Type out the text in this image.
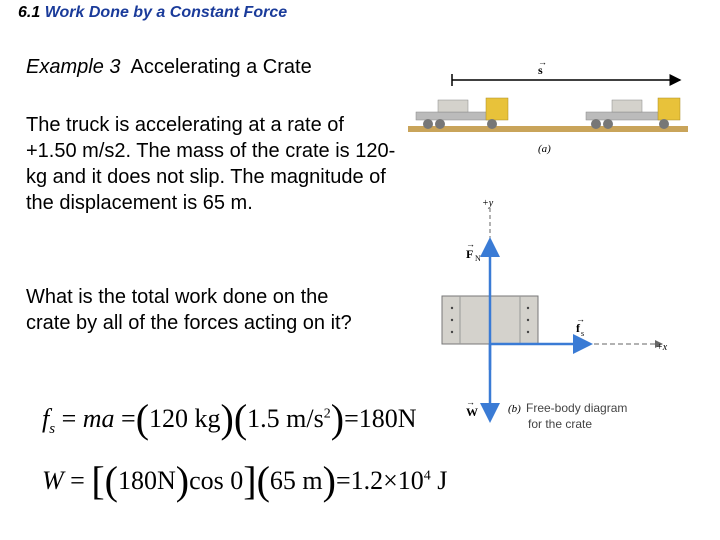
6.1 Work Done by a Constant Force
Example 3 Accelerating a Crate
The truck is accelerating at a rate of +1.50 m/s2. The mass of the crate is 120-kg and it does not slip. The magnitude of the displacement is 65 m.
What is the total work done on the crate by all of the forces acting on it?
$f_s$ = ma =(120 kg)(1.5 $m/s^2)=180N$
W = [(180N)cos 0](65 $m)=1.2\times 10^4$ J
s
→
(a)
+y
+x
F N
→
f s
→
W
→
(b) Free-body diagram
for the crate
